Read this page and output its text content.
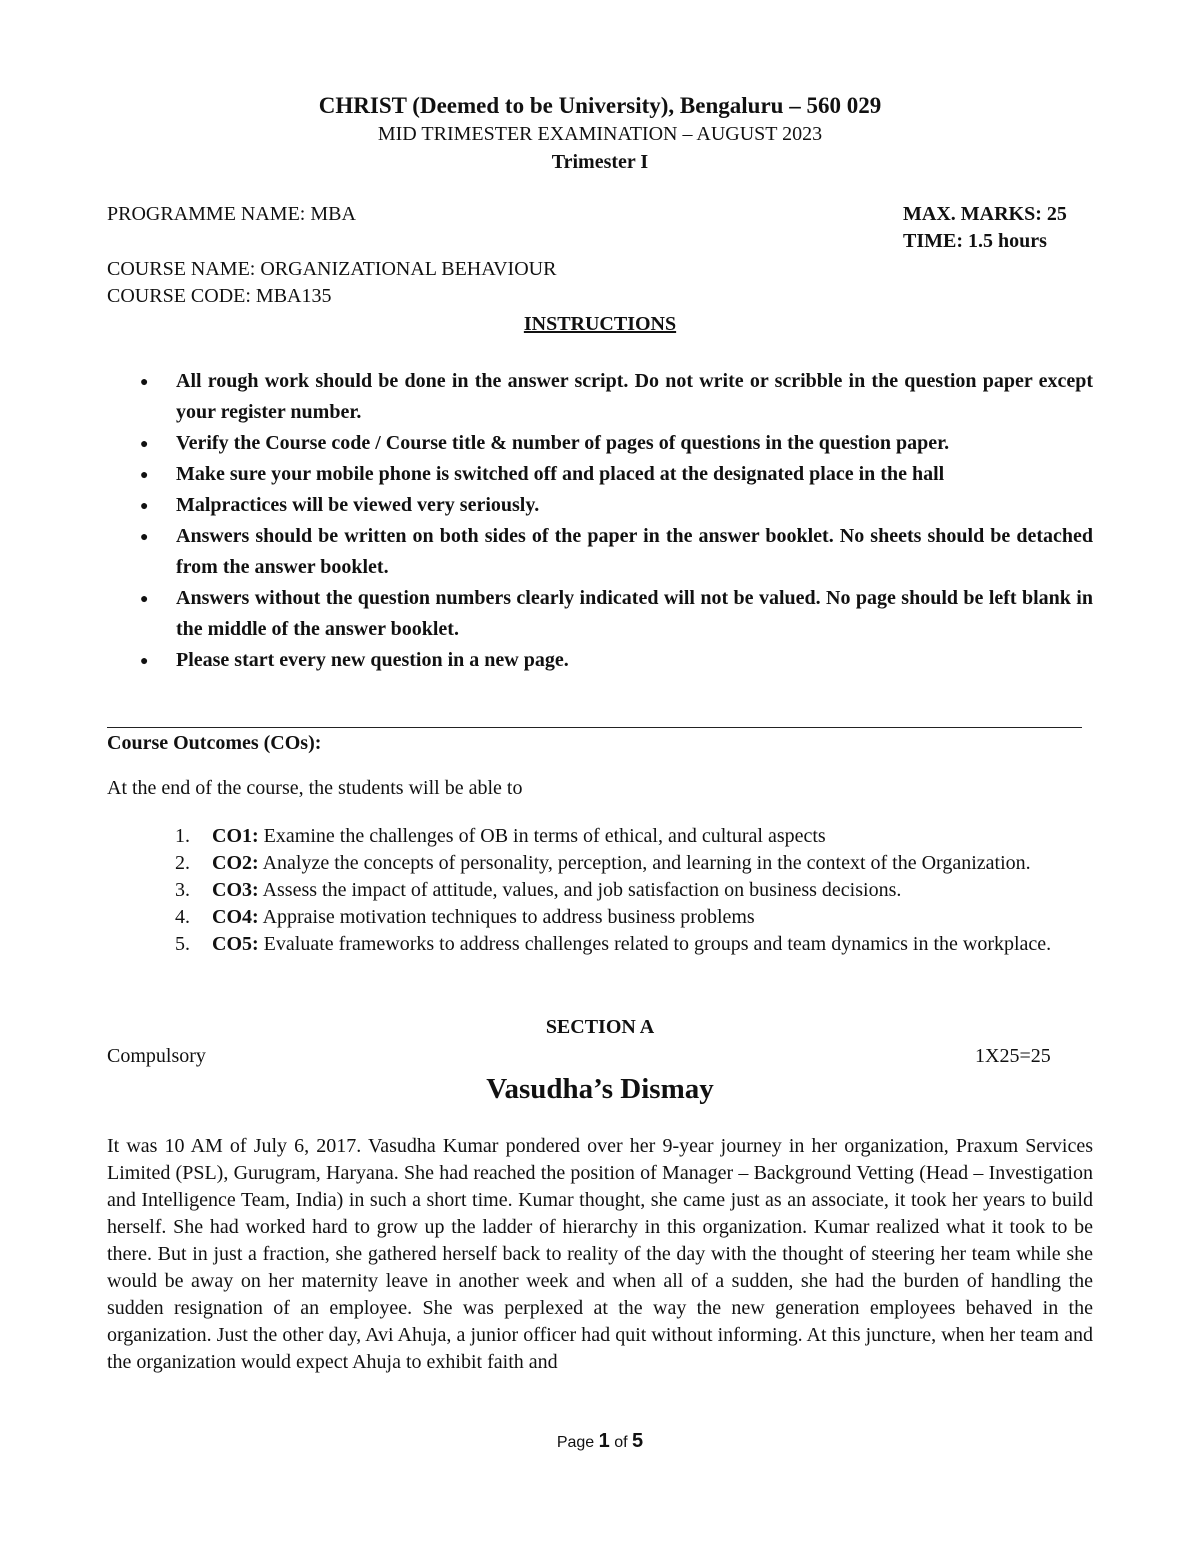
CHRIST (Deemed to be University), Bengaluru – 560 029
MID TRIMESTER EXAMINATION – AUGUST 2023
Trimester I
PROGRAMME NAME: MBA	MAX. MARKS: 25
TIME: 1.5 hours
COURSE NAME: ORGANIZATIONAL BEHAVIOUR
COURSE CODE: MBA135
INSTRUCTIONS
● All rough work should be done in the answer script. Do not write or scribble in the question paper except your register number.
● Verify the Course code / Course title & number of pages of questions in the question paper.
● Make sure your mobile phone is switched off and placed at the designated place in the hall
● Malpractices will be viewed very seriously.
● Answers should be written on both sides of the paper in the answer booklet. No sheets should be detached from the answer booklet.
● Answers without the question numbers clearly indicated will not be valued. No page should be left blank in the middle of the answer booklet.
● Please start every new question in a new page.
Course Outcomes (COs):
At the end of the course, the students will be able to
1. CO1: Examine the challenges of OB in terms of ethical, and cultural aspects
2. CO2: Analyze the concepts of personality, perception, and learning in the context of the Organization.
3. CO3: Assess the impact of attitude, values, and job satisfaction on business decisions.
4. CO4: Appraise motivation techniques to address business problems
5. CO5: Evaluate frameworks to address challenges related to groups and team dynamics in the workplace.
SECTION A
Compulsory	1X25=25
Vasudha’s Dismay

It was 10 AM of July 6, 2017. Vasudha Kumar pondered over her 9-year journey in her organization, Praxum Services Limited (PSL), Gurugram, Haryana. She had reached the position of Manager – Background Vetting (Head – Investigation and Intelligence Team, India) in such a short time. Kumar thought, she came just as an associate, it took her years to build herself. She had worked hard to grow up the ladder of hierarchy in this organization. Kumar realized what it took to be there. But in just a fraction, she gathered herself back to reality of the day with the thought of steering her team while she would be away on her maternity leave in another week and when all of a sudden, she had the burden of handling the sudden resignation of an employee. She was perplexed at the way the new generation employees behaved in the organization. Just the other day, Avi Ahuja, a junior officer had quit without informing. At this juncture, when her team and the organization would expect Ahuja to exhibit faith and

Page 1 of 5
